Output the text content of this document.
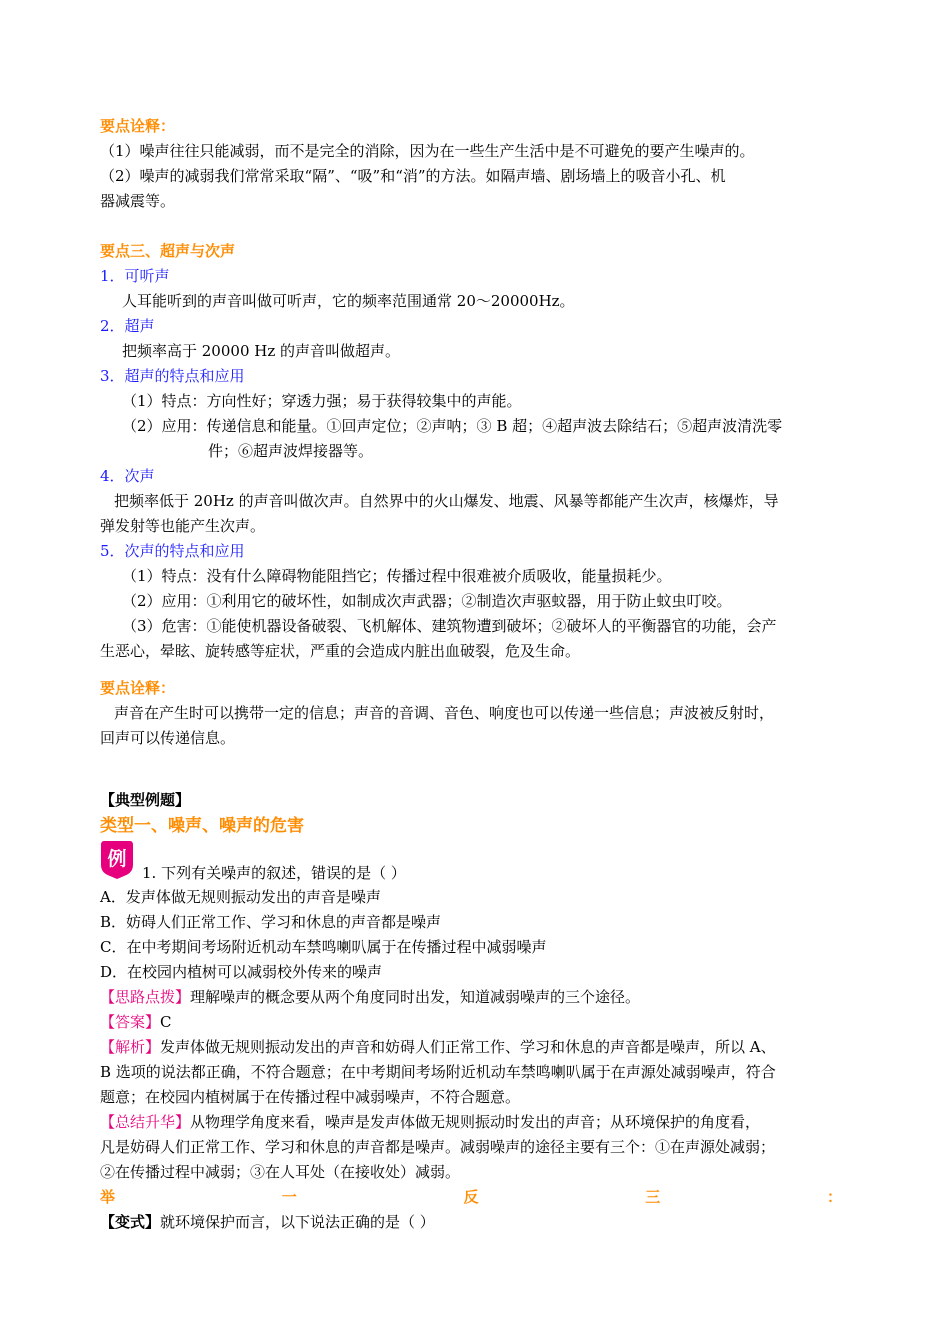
要点诠释：
（1）噪声往往只能减弱，而不是完全的消除，因为在一些生产生活中是不可避免的要产生噪声的。
（2）噪声的减弱我们常常采取“隔”、“吸”和“消”的方法。如隔声墙、剧场墙上的吸音小孔、机
器减震等。
要点三、超声与次声
1．可听声
人耳能听到的声音叫做可听声，它的频率范围通常 20～20000Hz。
2．超声
把频率高于 20000 Hz 的声音叫做超声。
3．超声的特点和应用
（1）特点：方向性好；穿透力强；易于获得较集中的声能。
（2）应用：传递信息和能量。①回声定位；②声呐；③ B 超；④超声波去除结石；⑤超声波清洗零
件；⑥超声波焊接器等。
4．次声
把频率低于 20Hz 的声音叫做次声。自然界中的火山爆发、地震、风暴等都能产生次声，核爆炸，导
弹发射等也能产生次声。
5．次声的特点和应用
（1）特点：没有什么障碍物能阻挡它；传播过程中很难被介质吸收，能量损耗少。
（2）应用：①利用它的破坏性，如制成次声武器；②制造次声驱蚊器，用于防止蚊虫叮咬。
（3）危害：①能使机器设备破裂、飞机解体、建筑物遭到破坏；②破坏人的平衡器官的功能，会产
生恶心，晕眩、旋转感等症状，严重的会造成内脏出血破裂，危及生命。
要点诠释：
声音在产生时可以携带一定的信息；声音的音调、音色、响度也可以传递一些信息；声波被反射时，
回声可以传递信息。
【典型例题】
类型一、噪声、噪声的危害
例
1. 下列有关噪声的叙述，错误的是（ ）
A．发声体做无规则振动发出的声音是噪声
B．妨碍人们正常工作、学习和休息的声音都是噪声
C．在中考期间考场附近机动车禁鸣喇叭属于在传播过程中减弱噪声
D．在校园内植树可以减弱校外传来的噪声
【思路点拨】理解噪声的概念要从两个角度同时出发，知道减弱噪声的三个途径。
【答案】C
【解析】发声体做无规则振动发出的声音和妨碍人们正常工作、学习和休息的声音都是噪声，所以 A、
B 选项的说法都正确，不符合题意；在中考期间考场附近机动车禁鸣喇叭属于在声源处减弱噪声，符合
题意；在校园内植树属于在传播过程中减弱噪声，不符合题意。
【总结升华】从物理学角度来看，噪声是发声体做无规则振动时发出的声音；从环境保护的角度看，
凡是妨碍人们正常工作、学习和休息的声音都是噪声。减弱噪声的途径主要有三个：①在声源处减弱；
②在传播过程中减弱；③在人耳处（在接收处）减弱。
举	一	反	三	：
【变式】就环境保护而言，以下说法正确的是（ ）
